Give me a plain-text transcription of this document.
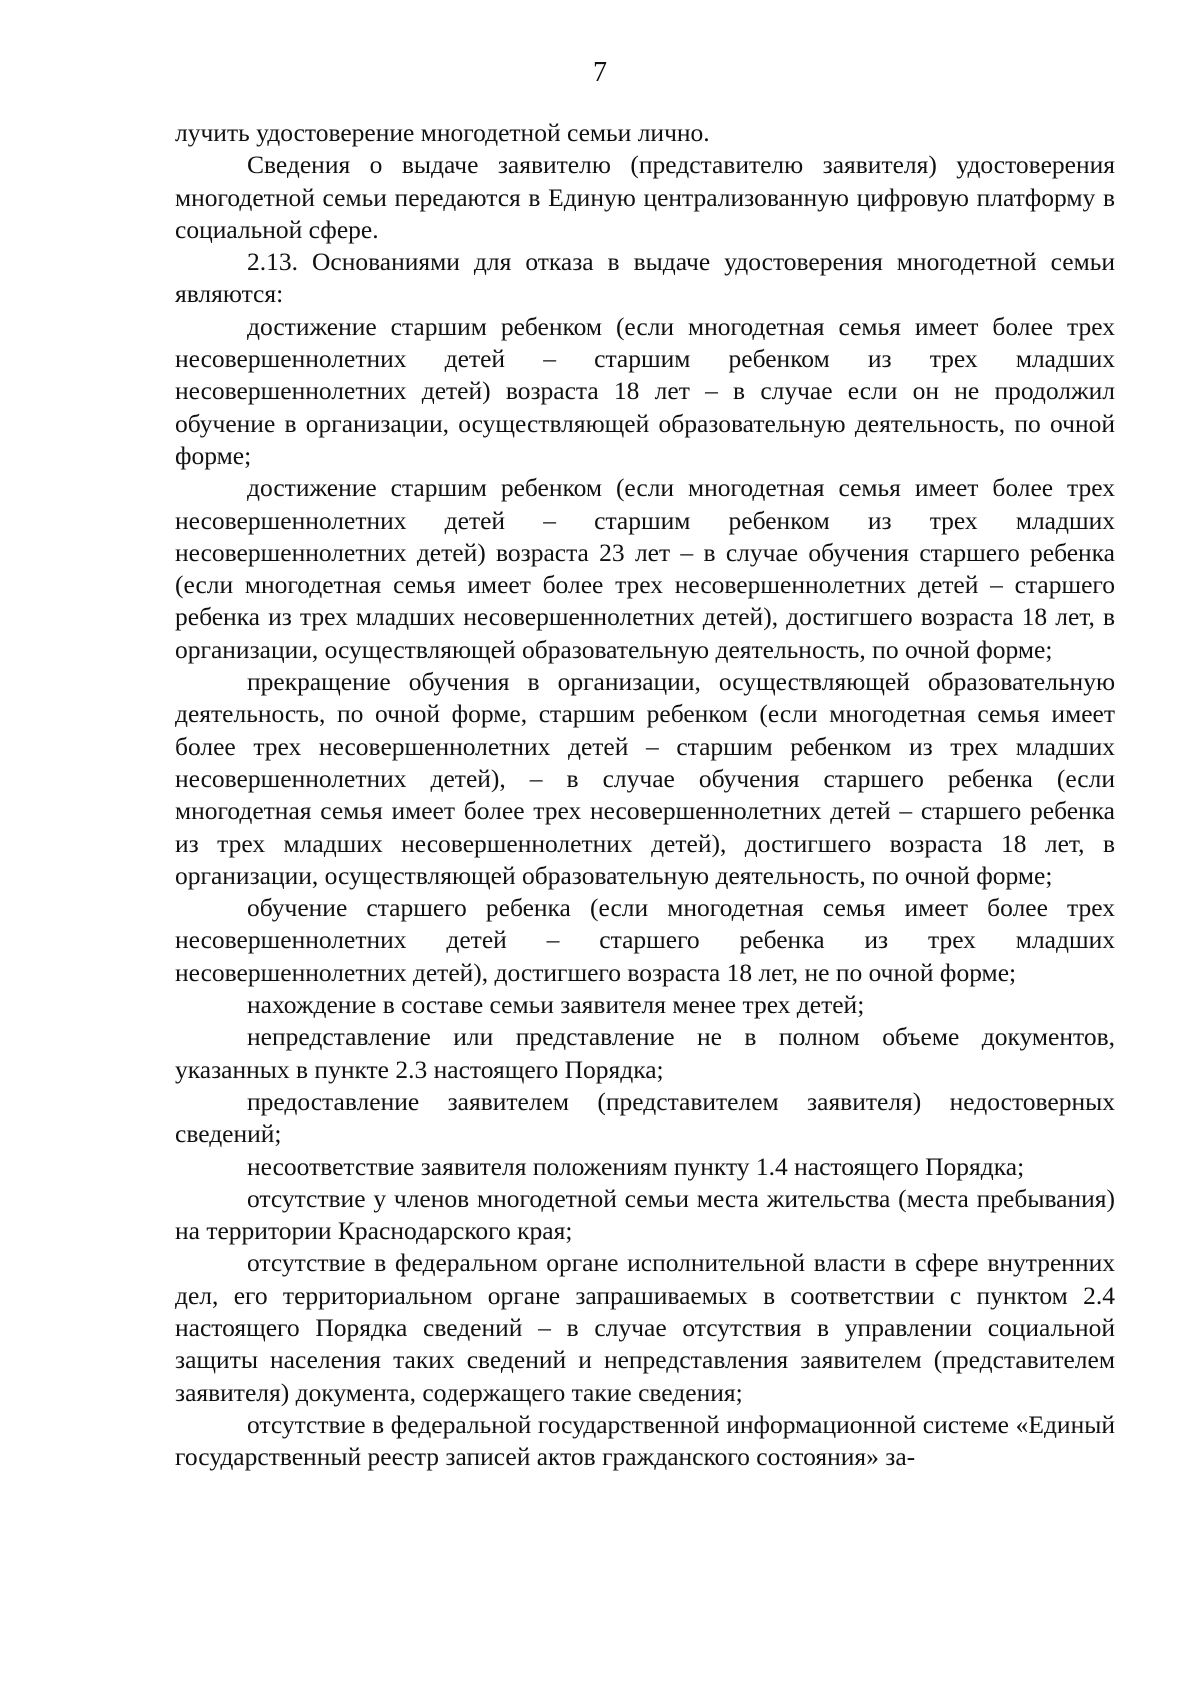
7

лучить удостоверение многодетной семьи лично.

Сведения о выдаче заявителю (представителю заявителя) удостоверения многодетной семьи передаются в Единую централизованную цифровую платформу в социальной сфере.

2.13. Основаниями для отказа в выдаче удостоверения многодетной семьи являются:

достижение старшим ребенком (если многодетная семья имеет более трех несовершеннолетних детей – старшим ребенком из трех младших несовершеннолетних детей) возраста 18 лет – в случае если он не продолжил обучение в организации, осуществляющей образовательную деятельность, по очной форме;

достижение старшим ребенком (если многодетная семья имеет более трех несовершеннолетних детей – старшим ребенком из трех младших несовершеннолетних детей) возраста 23 лет – в случае обучения старшего ребенка (если многодетная семья имеет более трех несовершеннолетних детей – старшего ребенка из трех младших несовершеннолетних детей), достигшего возраста 18 лет, в организации, осуществляющей образовательную деятельность, по очной форме;

прекращение обучения в организации, осуществляющей образовательную деятельность, по очной форме, старшим ребенком (если многодетная семья имеет более трех несовершеннолетних детей – старшим ребенком из трех младших несовершеннолетних детей), – в случае обучения старшего ребенка (если многодетная семья имеет более трех несовершеннолетних детей – старшего ребенка из трех младших несовершеннолетних детей), достигшего возраста 18 лет, в организации, осуществляющей образовательную деятельность, по очной форме;

обучение старшего ребенка (если многодетная семья имеет более трех несовершеннолетних детей – старшего ребенка из трех младших несовершеннолетних детей), достигшего возраста 18 лет, не по очной форме;

нахождение в составе семьи заявителя менее трех детей;

непредставление или представление не в полном объеме документов, указанных в пункте 2.3 настоящего Порядка;

предоставление заявителем (представителем заявителя) недостоверных сведений;

несоответствие заявителя положениям пункту 1.4 настоящего Порядка;

отсутствие у членов многодетной семьи места жительства (места пребывания) на территории Краснодарского края;

отсутствие в федеральном органе исполнительной власти в сфере внутренних дел, его территориальном органе запрашиваемых в соответствии с пунктом 2.4 настоящего Порядка сведений – в случае отсутствия в управлении социальной защиты населения таких сведений и непредставления заявителем (представителем заявителя) документа, содержащего такие сведения;

отсутствие в федеральной государственной информационной системе «Единый государственный реестр записей актов гражданского состояния» за-
